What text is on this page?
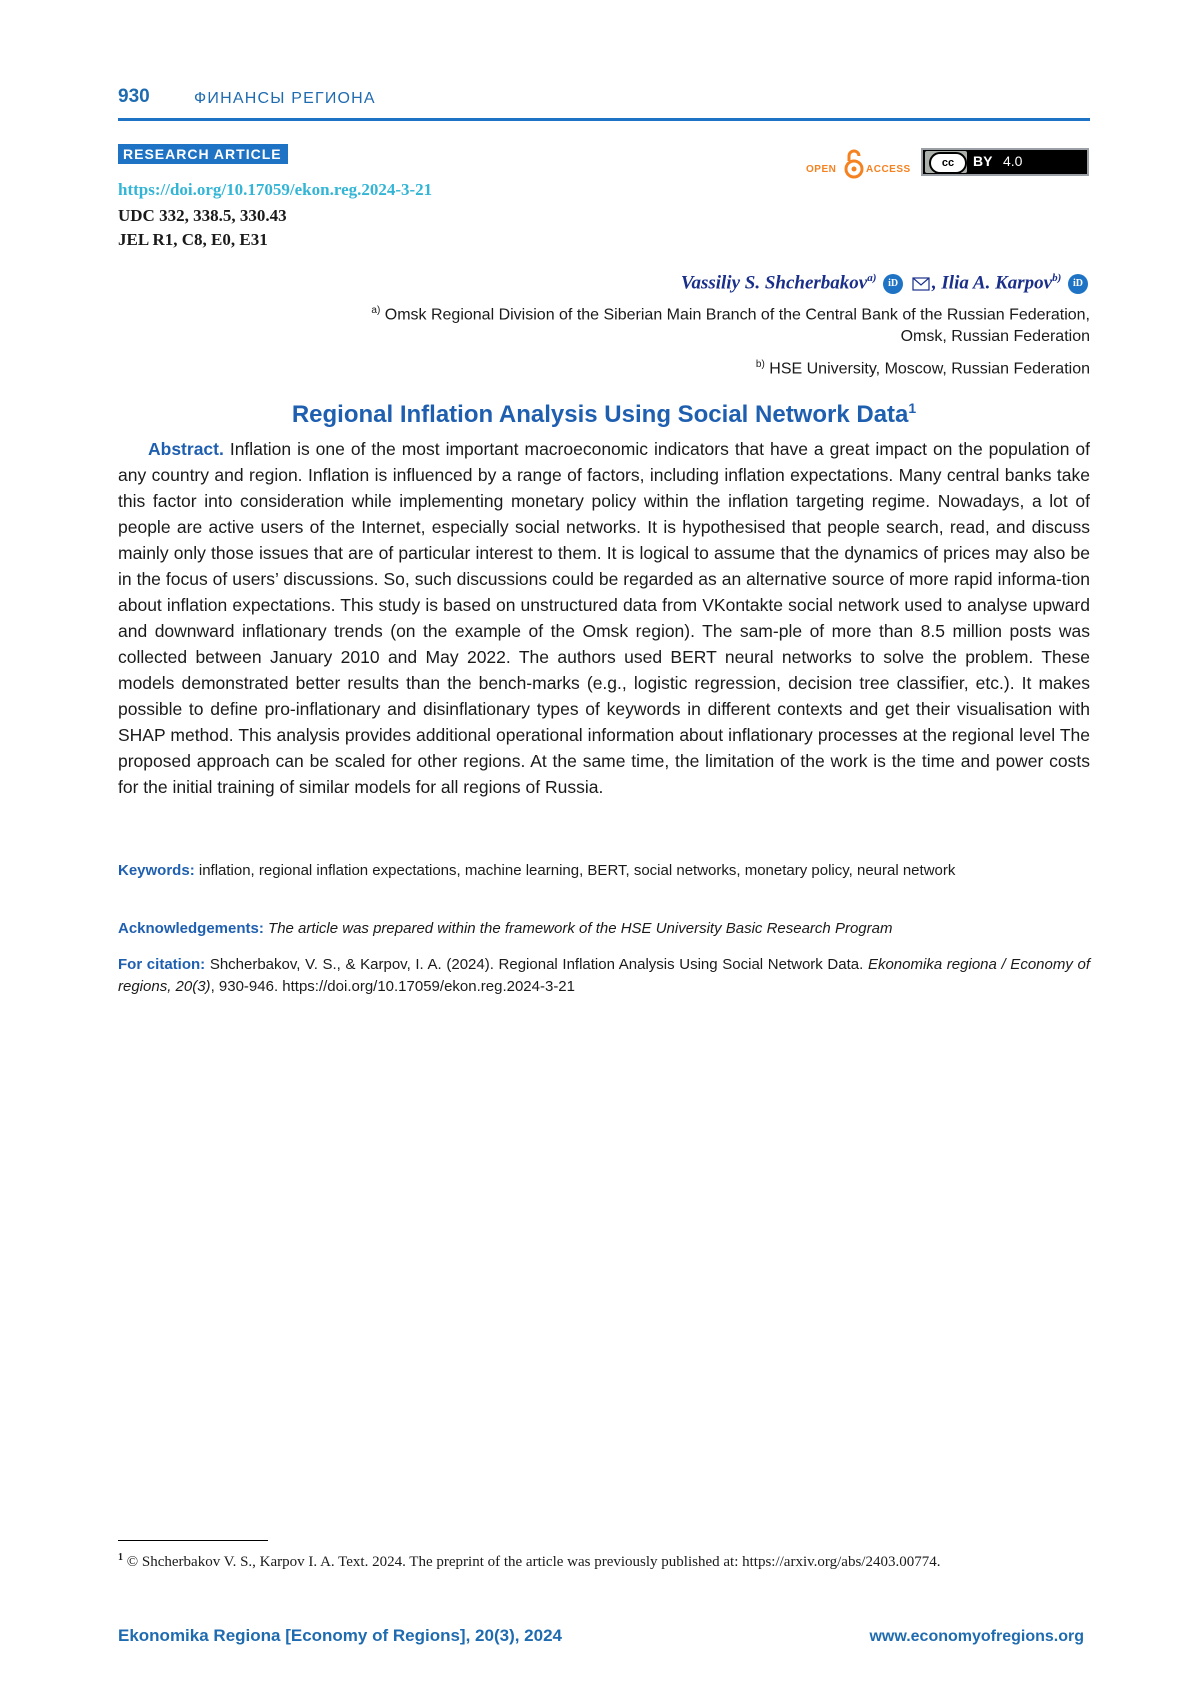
930	ФИНАНСЫ РЕГИОНА
RESEARCH ARTICLE
https://doi.org/10.17059/ekon.reg.2024-3-21
UDC 332, 338.5, 330.43
JEL R1, C8, E0, E31
OPEN	ACCESS
cc	BY 4.0
Vassiliy S. Shcherbakova) iD , Ilia A. Karpovb) iD
a) Omsk Regional Division of the Siberian Main Branch of the Central Bank of the Russian Federation,
Omsk, Russian Federation
b) HSE University, Moscow, Russian Federation
Regional Inflation Analysis Using Social Network Data1
Abstract. Inflation is one of the most important macroeconomic indicators that have a great impact on the population of any country and region. Inflation is influenced by a range of factors, including inflation expectations. Many central banks take this factor into consideration while implementing monetary policy within the inflation targeting regime. Nowadays, a lot of people are active users of the Internet, especially social networks. It is hypothesised that people search, read, and discuss mainly only those issues that are of particular interest to them. It is logical to assume that the dynamics of prices may also be in the focus of users’ discussions. So, such discussions could be regarded as an alternative source of more rapid informa-tion about inflation expectations. This study is based on unstructured data from VKontakte social network used to analyse upward and downward inflationary trends (on the example of the Omsk region). The sam-ple of more than 8.5 million posts was collected between January 2010 and May 2022. The authors used BERT neural networks to solve the problem. These models demonstrated better results than the bench-marks (e.g., logistic regression, decision tree classifier, etc.). It makes possible to define pro-inflationary and disinflationary types of keywords in different contexts and get their visualisation with SHAP method. This analysis provides additional operational information about inflationary processes at the regional level The proposed approach can be scaled for other regions. At the same time, the limitation of the work is the time and power costs for the initial training of similar models for all regions of Russia.
Keywords: inflation, regional inflation expectations, machine learning, BERT, social networks, monetary policy, neural network
Acknowledgements: The article was prepared within the framework of the HSE University Basic Research Program
For citation: Shcherbakov, V. S., & Karpov, I. A. (2024). Regional Inflation Analysis Using Social Network Data. Ekonomika regiona / Economy of regions, 20(3), 930-946. https://doi.org/10.17059/ekon.reg.2024-3-21
1 © Shcherbakov V. S., Karpov I. A. Text. 2024. The preprint of the article was previously published at: https://arxiv.org/abs/2403.00774.
Ekonomika Regiona [Economy of Regions], 20(3), 2024	www.economyofregions.org
